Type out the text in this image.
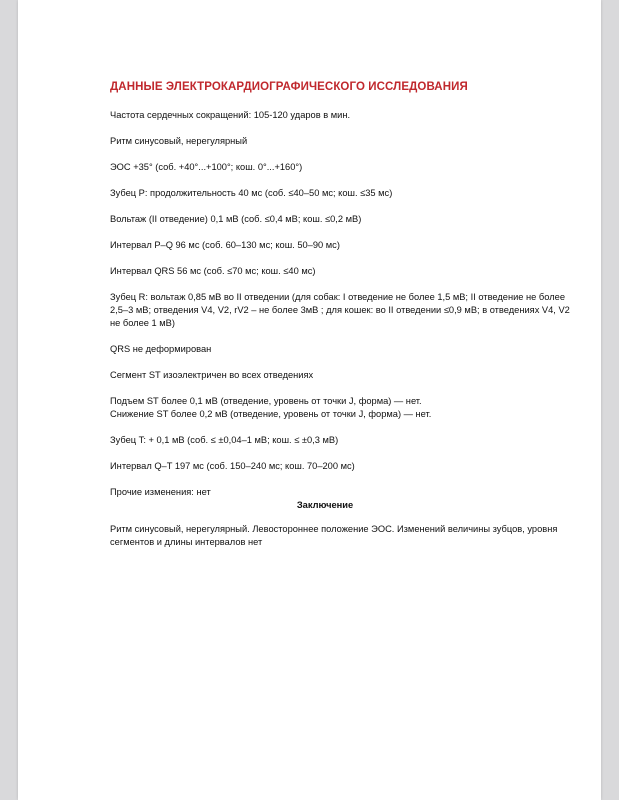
ДАННЫЕ ЭЛЕКТРОКАРДИОГРАФИЧЕСКОГО ИССЛЕДОВАНИЯ
Частота сердечных сокращений: 105-120 ударов в мин.
Ритм синусовый, нерегулярный
ЭОС +35° (соб. +40°...+100°; кош. 0°...+160°)
Зубец P: продолжительность 40 мс (соб. ≤40–50 мс; кош. ≤35 мс)
Вольтаж (II отведение) 0,1 мВ (соб. ≤0,4 мВ; кош. ≤0,2 мВ)
Интервал P–Q 96 мс (соб. 60–130 мс; кош. 50–90 мс)
Интервал QRS 56 мс (соб. ≤70 мс; кош. ≤40 мс)
Зубец R: вольтаж 0,85 мВ во II отведении (для собак: I отведение не более 1,5 мВ; II отведение не более 2,5–3 мВ; отведения V4, V2, rV2 – не более 3мВ ; для кошек: во II отведении ≤0,9 мВ; в отведениях V4, V2 не более 1 мВ)
QRS не деформирован
Сегмент ST изоэлектричен во всех отведениях
Подъем ST более 0,1 мВ (отведение, уровень от точки J, форма) — нет.
Снижение ST более 0,2 мВ (отведение, уровень от точки J, форма) — нет.
Зубец T: + 0,1 мВ (соб. ≤ ±0,04–1 мВ; кош. ≤ ±0,3 мВ)
Интервал Q–T 197 мс (соб. 150–240 мс; кош. 70–200 мс)
Прочие изменения: нет
Заключение
Ритм синусовый, нерегулярный. Левостороннее положение ЭОС. Изменений величины зубцов, уровня сегментов и длины интервалов нет
